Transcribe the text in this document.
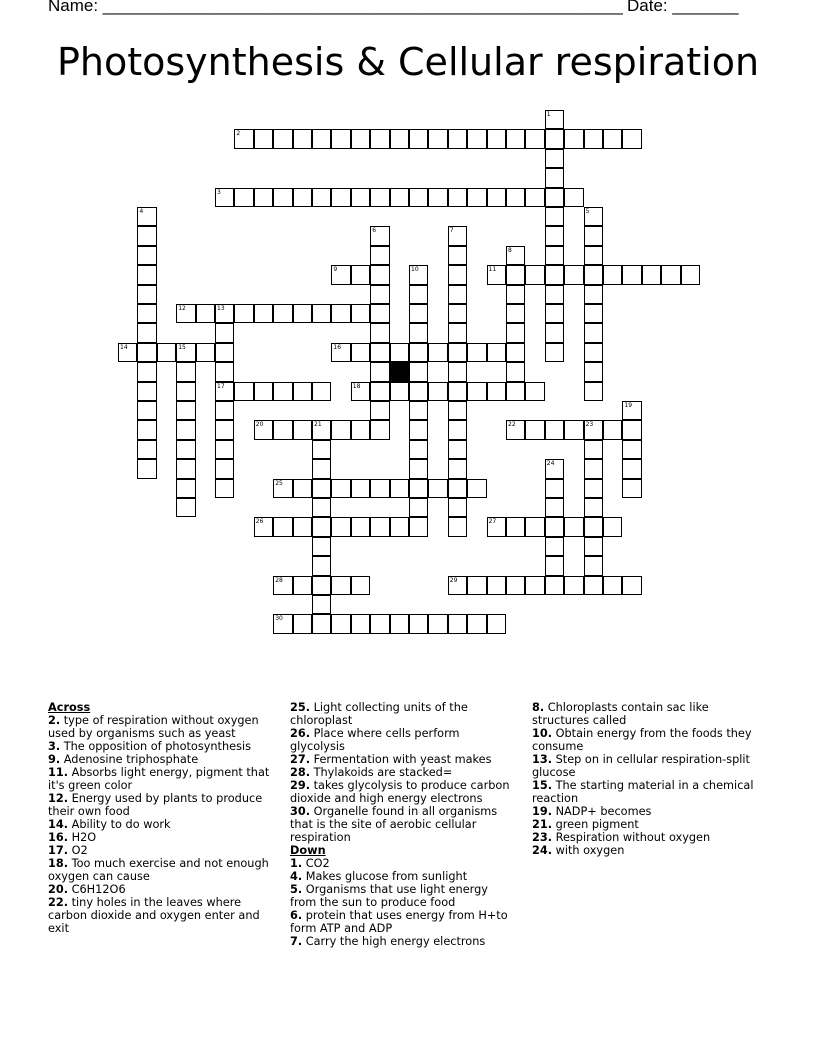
Name: _______________________________________________________ Date: _______
Photosynthesis & Cellular respiration
2
3
9	11
12	13
14	15	16
17	18
20	21	22	23
25
26	27
28	29
30
1
4	5
6	7
8
10
19
24
Across
2. type of respiration without oxygen used by organisms such as yeast
3. The opposition of photosynthesis
9. Adenosine triphosphate
11. Absorbs light energy, pigment that it's green color
12. Energy used by plants to produce their own food
14. Ability to do work
16. H2O
17. O2
18. Too much exercise and not enough oxygen can cause
20. C6H12O6
22. tiny holes in the leaves where carbon dioxide and oxygen enter and exit
25. Light collecting units of the chloroplast
26. Place where cells perform glycolysis
27. Fermentation with yeast makes
28. Thylakoids are stacked=
29. takes glycolysis to produce carbon dioxide and high energy electrons
30. Organelle found in all organisms that is the site of aerobic cellular respiration
Down
1. CO2
4. Makes glucose from sunlight
5. Organisms that use light energy from the sun to produce food
6. protein that uses energy from H+to form ATP and ADP
7. Carry the high energy electrons
8. Chloroplasts contain sac like structures called
10. Obtain energy from the foods they consume
13. Step on in cellular respiration-split glucose
15. The starting material in a chemical reaction
19. NADP+ becomes
21. green pigment
23. Respiration without oxygen
24. with oxygen
